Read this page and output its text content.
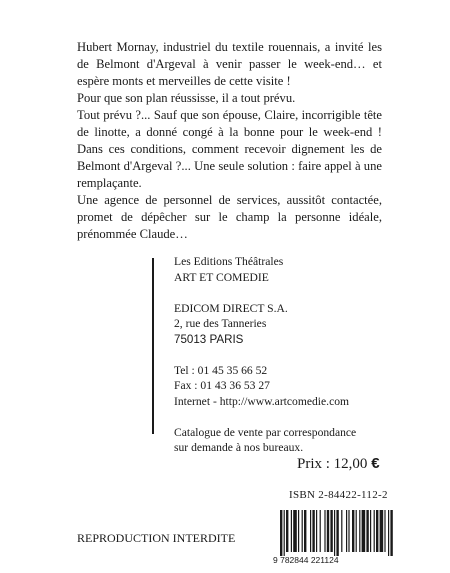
Hubert Mornay, industriel du textile rouennais, a invité les de Belmont d'Argeval à venir passer le week-end… et espère monts et merveilles de cette visite !

Pour que son plan réussisse, il a tout prévu.

Tout prévu ?... Sauf que son épouse, Claire, incorrigible tête de linotte, a donné congé à la bonne pour le week-end ! Dans ces conditions, comment recevoir dignement les de Belmont d'Argeval ?... Une seule solution : faire appel à une remplaçante.

Une agence de personnel de services, aussitôt contactée, promet de dépêcher sur le champ la personne idéale, prénommée Claude…

Les Editions Théâtrales
ART ET COMEDIE
EDICOM DIRECT S.A.
2, rue des Tanneries
75013 PARIS
Tel : 01 45 35 66 52
Fax : 01 43 36 53 27
Internet - http://www.artcomedie.com
Catalogue de vente par correspondance
sur demande à nos bureaux.
Prix : 12,00 €
ISBN 2-84422-112-2
REPRODUCTION INTERDITE
9 782844 221124
